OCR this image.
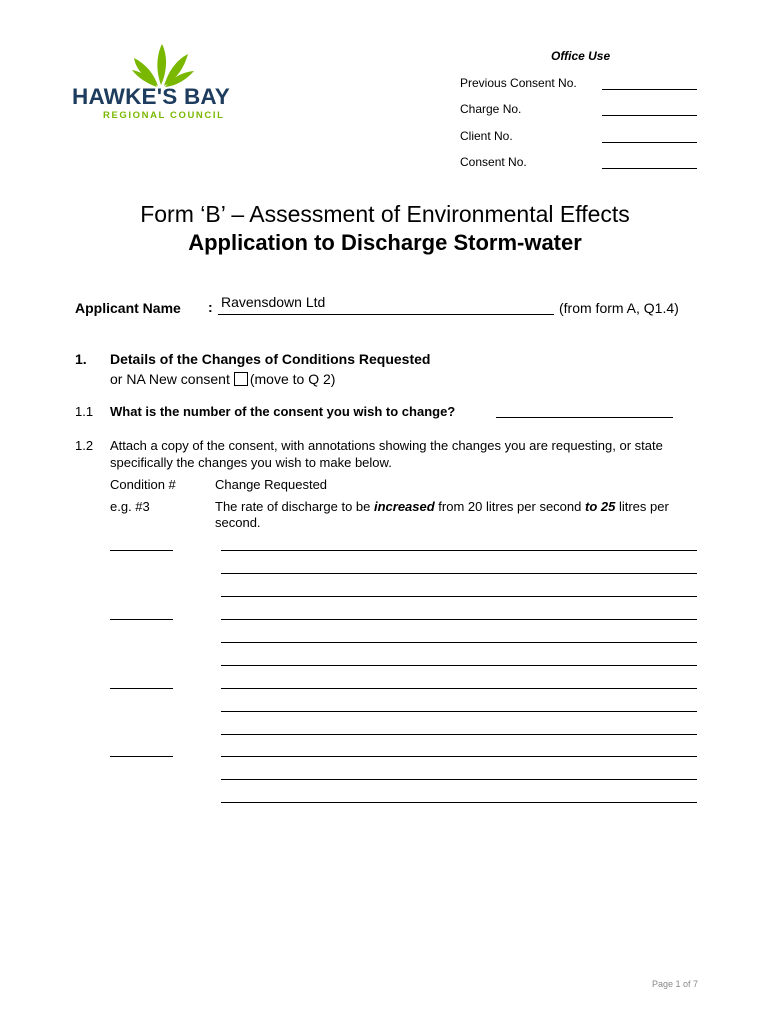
HAWKE'S BAY
REGIONAL COUNCIL
Office Use
Previous Consent No.
Charge No.
Client No.
Consent No.
Form ‘B’ – Assessment of Environmental Effects
Application to Discharge Storm-water
Applicant Name : Ravensdown Ltd	(from form A, Q1.4)
1. Details of the Changes of Conditions Requested
or NA New consent (move to Q 2)
1.1 What is the number of the consent you wish to change?
1.2 Attach a copy of the consent, with annotations showing the changes you are requesting, or state specifically the changes you wish to make below.
Condition #	Change Requested
e.g. #3	The rate of discharge to be increased from 20 litres per second to 25 litres per second.
Page 1 of 7
